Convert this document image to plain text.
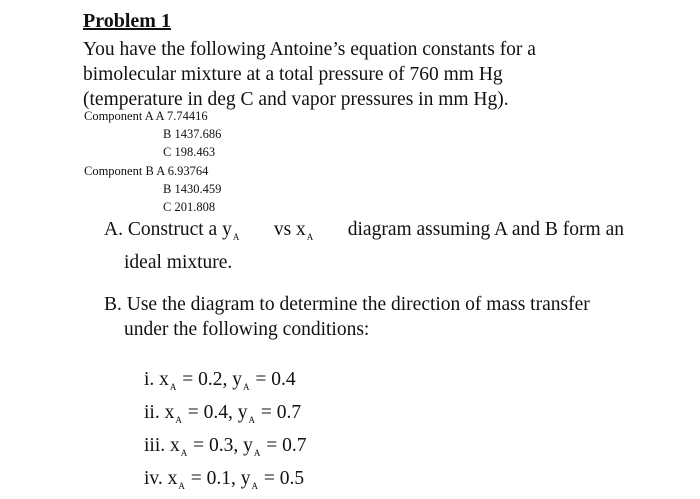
Problem 1
You have the following Antoine’s equation constants for a
bimolecular mixture at a total pressure of 760 mm Hg
(temperature in deg C and vapor pressures in mm Hg).
Component A A 7.74416
B 1437.686
C 198.463
Component B A 6.93764
B 1430.459
C 201.808
A. Construct a $y_A$ vs $x_A$ diagram assuming A and B form an
ideal mixture.
B. Use the diagram to determine the direction of mass transfer
under the following conditions:
i. $x_A = 0.2$, $y_A = 0.4$
ii. $x_A = 0.4$, $y_A = 0.7$
iii. $x_A = 0.3$, $y_A = 0.7$
iv. $x_A = 0.1$, $y_A = 0.5$
